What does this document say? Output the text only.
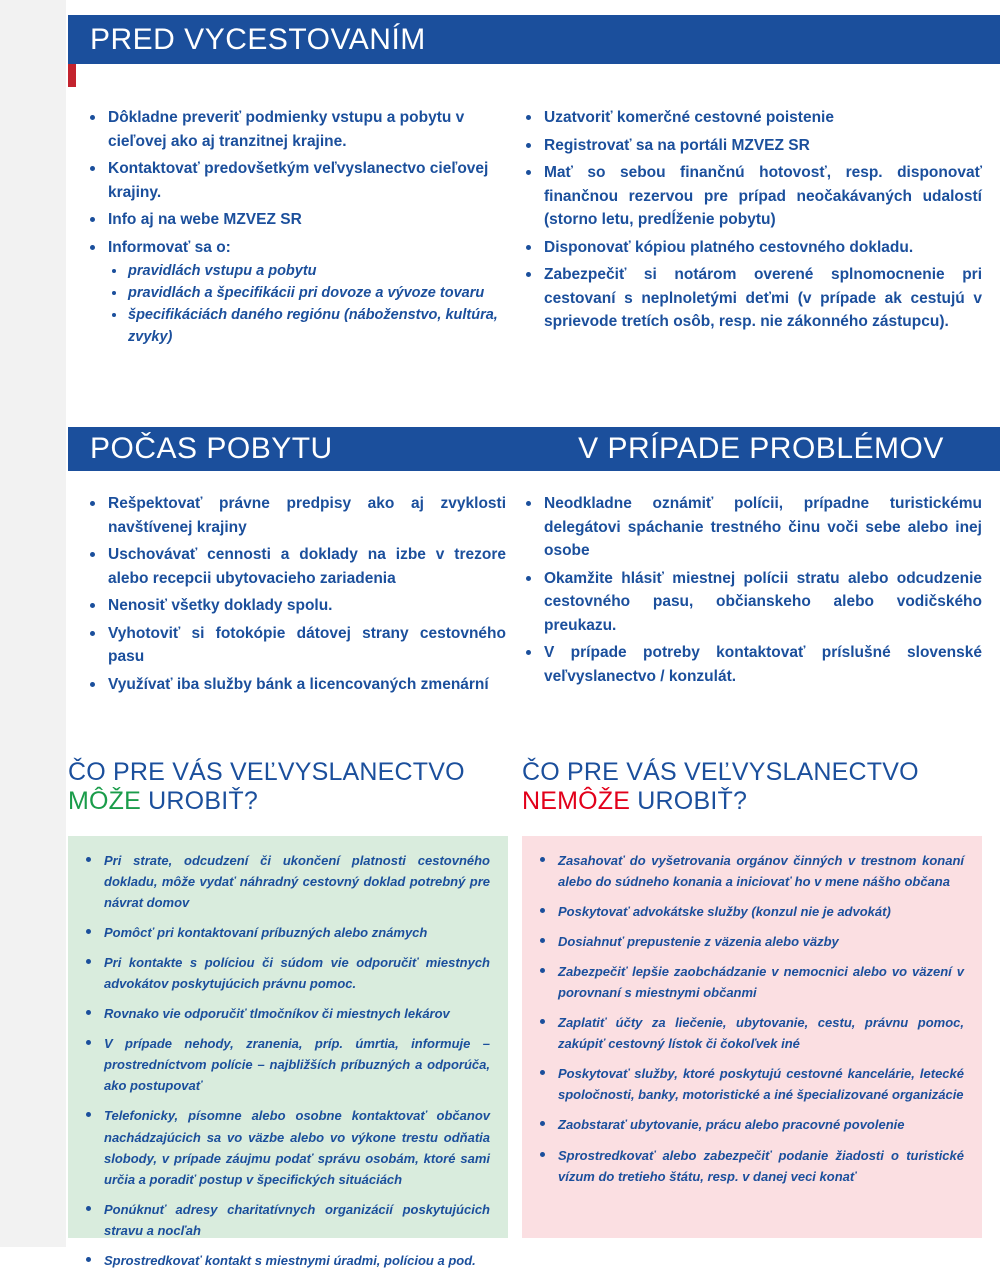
PRED VYCESTOVANÍM
Dôkladne preveriť podmienky vstupu a pobytu v cieľovej ako aj tranzitnej krajine.
Kontaktovať predovšetkým veľvyslanectvo cieľovej krajiny.
Info aj na webe MZVEZ SR
Informovať sa o:
pravidlách vstupu a pobytu
pravidlách a špecifikácii pri dovoze a vývoze tovaru
špecifikáciách daného regiónu (náboženstvo, kultúra, zvyky)
Uzatvoriť komerčné cestovné poistenie
Registrovať sa na portáli MZVEZ SR
Mať so sebou finančnú hotovosť, resp. disponovať finančnou rezervou pre prípad neočakávaných udalostí (storno letu, predĺženie pobytu)
Disponovať kópiou platného cestovného dokladu.
Zabezpečiť si notárom overené splnomocnenie pri cestovaní s neplnoletými deťmi (v prípade ak cestujú v sprievode tretích osôb, resp. nie zákonného zástupcu).
POČAS POBYTU
Rešpektovať právne predpisy ako aj zvyklosti navštívenej krajiny
Uschovávať cennosti a doklady na izbe v trezore alebo recepcii ubytovacieho zariadenia
Nenosiť všetky doklady spolu.
Vyhotoviť si fotokópie dátovej strany cestovného pasu
Využívať iba služby bánk a licencovaných zmenární
V PRÍPADE PROBLÉMOV
Neodkladne oznámiť polícii, prípadne turistickému delegátovi spáchanie trestného činu voči sebe alebo inej osobe
Okamžite hlásiť miestnej polícii stratu alebo odcudzenie cestovného pasu, občianskeho alebo vodičského preukazu.
V prípade potreby kontaktovať príslušné slovenské veľvyslanectvo / konzulát.
ČO PRE VÁS VEĽVYSLANECTVO
MÔŽE UROBIŤ?
Pri strate, odcudzení či ukončení platnosti cestovného dokladu, môže vydať náhradný cestovný doklad potrebný pre návrat domov
Pomôcť pri kontaktovaní príbuzných alebo známych
Pri kontakte s políciou či súdom vie odporučiť miestnych advokátov poskytujúcich právnu pomoc.
Rovnako vie odporučiť tlmočníkov či miestnych lekárov
V prípade nehody, zranenia, príp. úmrtia, informuje – prostredníctvom polície – najbližších príbuzných a odporúča, ako postupovať
Telefonicky, písomne alebo osobne kontaktovať občanov nachádzajúcich sa vo väzbe alebo vo výkone trestu odňatia slobody, v prípade záujmu podať správu osobám, ktoré sami určia a poradiť postup v špecifických situáciách
Ponúknuť adresy charitatívnych organizácií poskytujúcich stravu a nocľah
Sprostredkovať kontakt s miestnymi úradmi, políciou a pod.
ČO PRE VÁS VEĽVYSLANECTVO
NEMÔŽE UROBIŤ?
Zasahovať do vyšetrovania orgánov činných v trestnom konaní alebo do súdneho konania a iniciovať ho v mene nášho občana
Poskytovať advokátske služby (konzul nie je advokát)
Dosiahnuť prepustenie z väzenia alebo väzby
Zabezpečiť lepšie zaobchádzanie v nemocnici alebo vo väzení v porovnaní s miestnymi občanmi
Zaplatiť účty za liečenie, ubytovanie, cestu, právnu pomoc, zakúpiť cestovný lístok či čokoľvek iné
Poskytovať služby, ktoré poskytujú cestovné kancelárie, letecké spoločnosti, banky, motoristické a iné špecializované organizácie
Zaobstarať ubytovanie, prácu alebo pracovné povolenie
Sprostredkovať alebo zabezpečiť podanie žiadosti o turistické vízum do tretieho štátu, resp. v danej veci konať
